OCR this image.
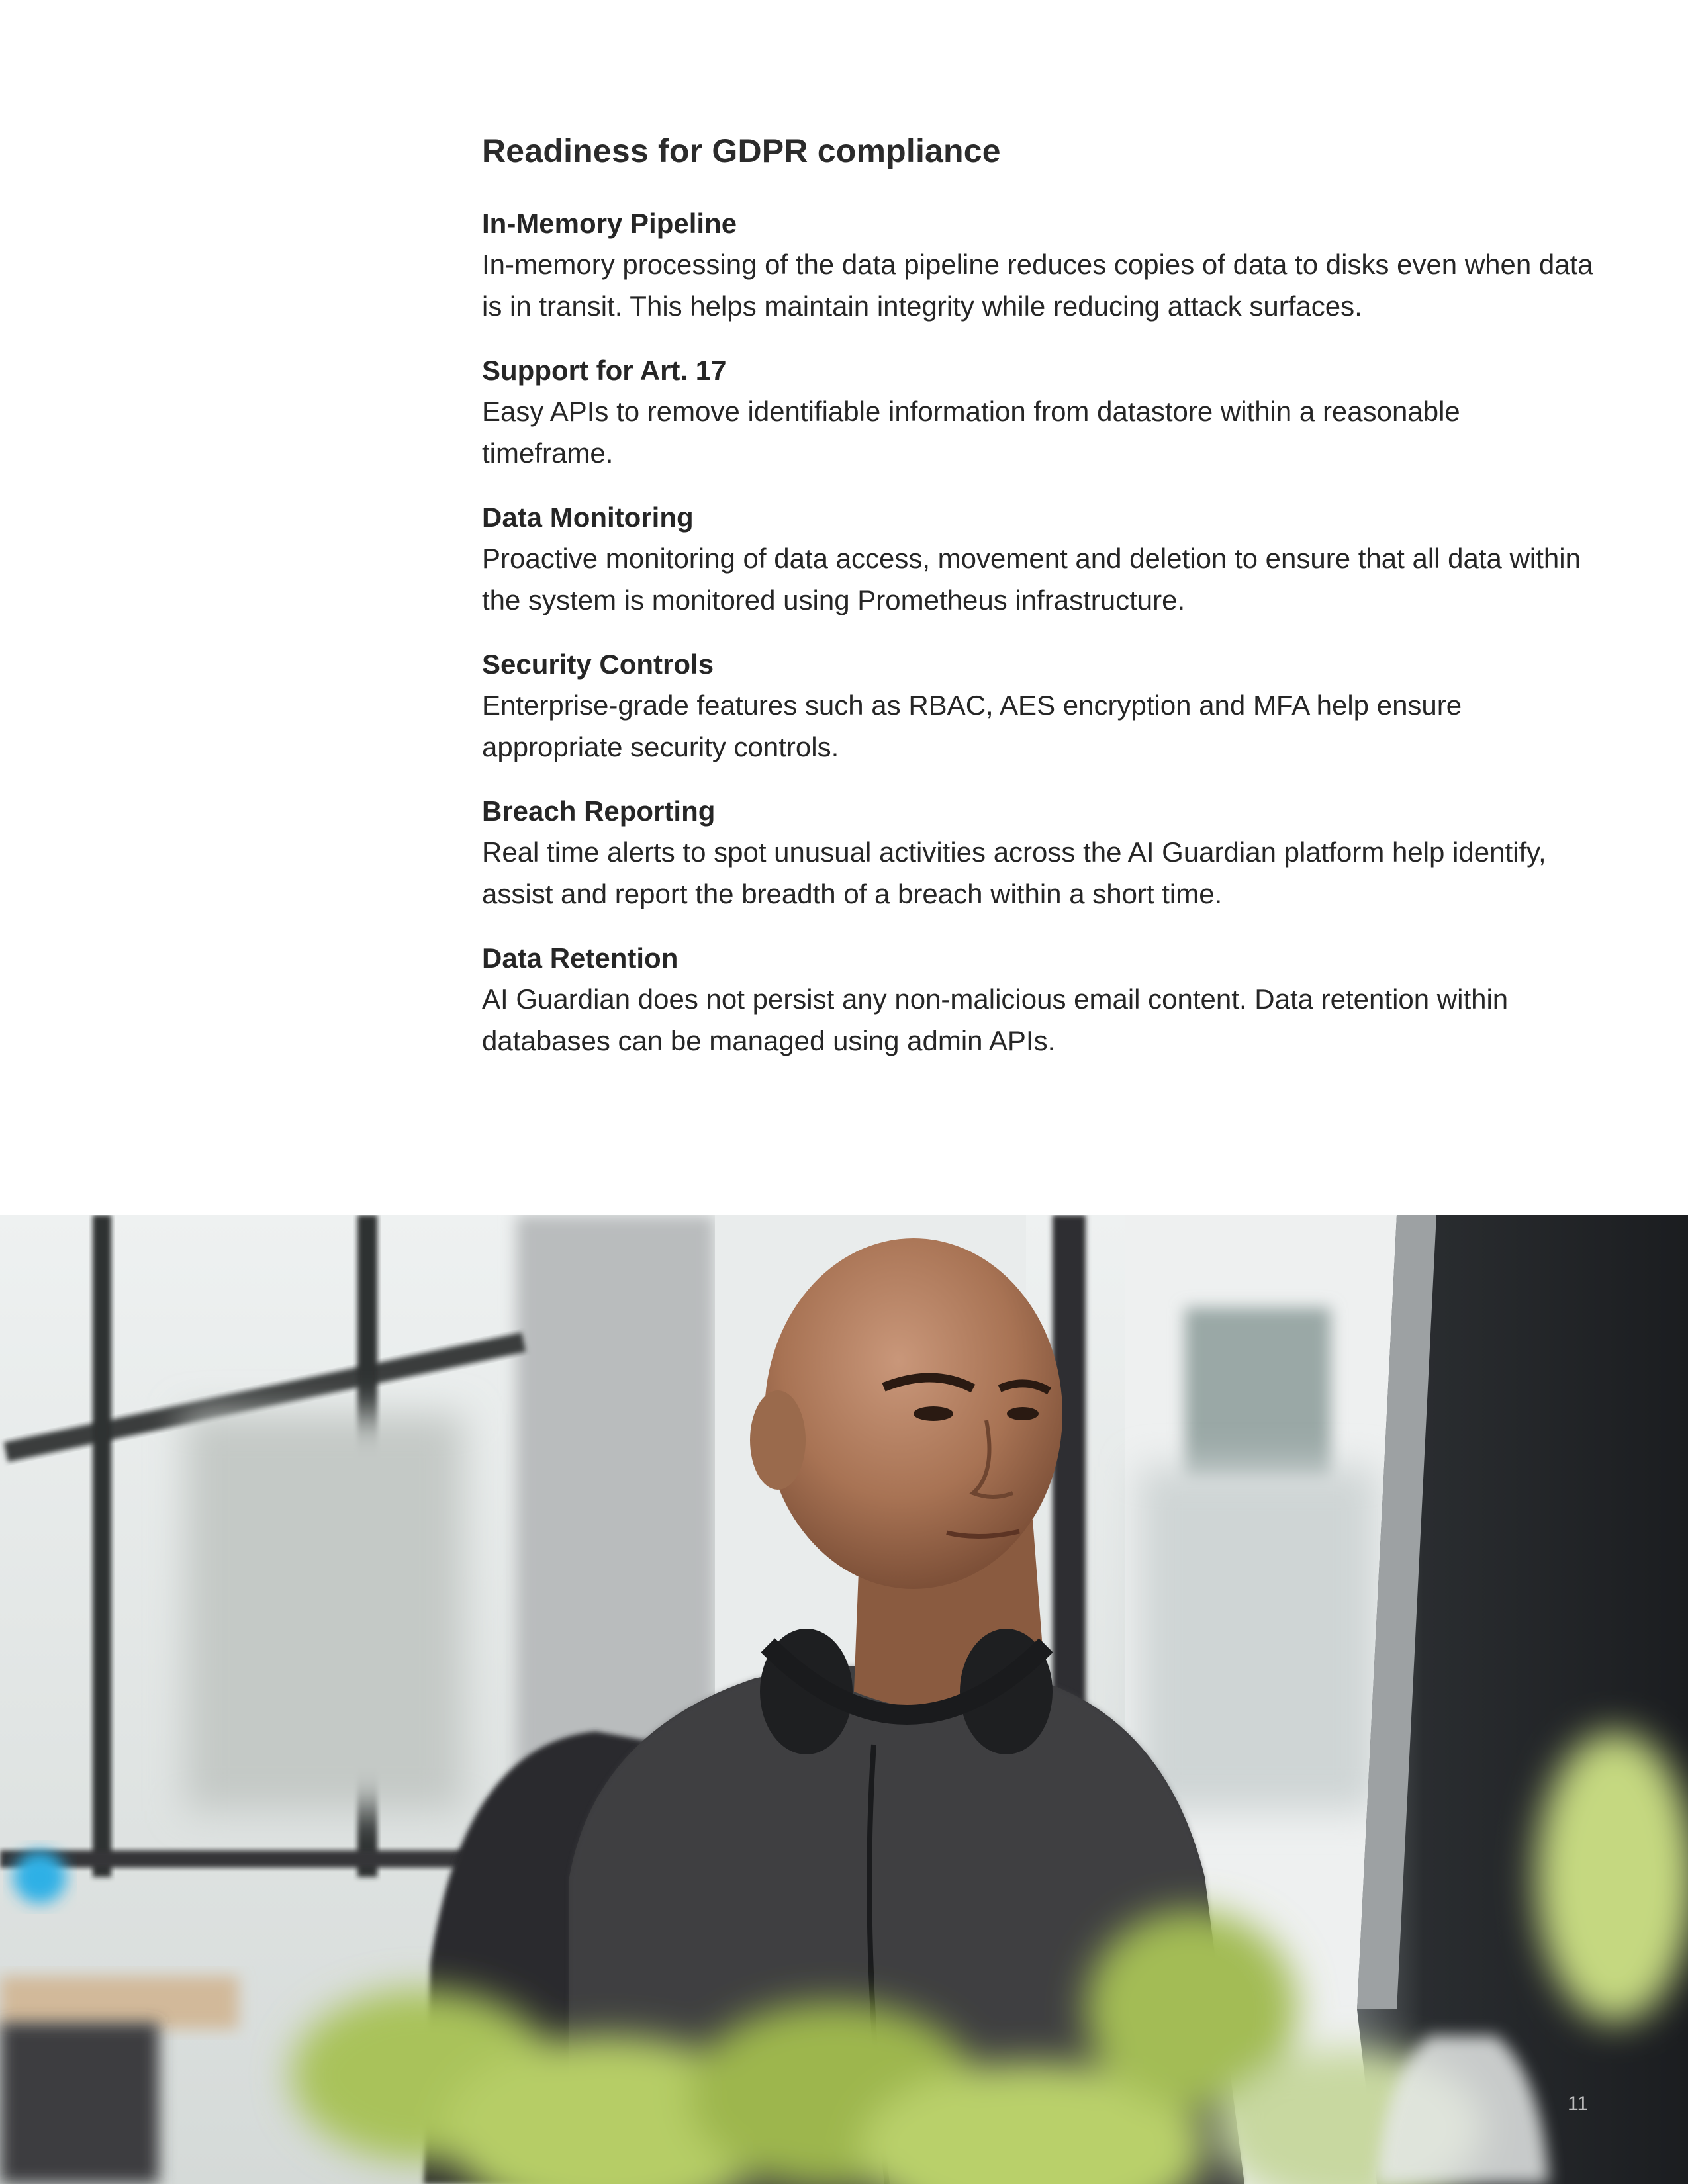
Readiness for GDPR compliance

In-Memory Pipeline

In-memory processing of the data pipeline reduces copies of data to disks even when data is in transit. This helps maintain integrity while reducing attack surfaces.

Support for Art. 17

Easy APIs to remove identifiable information from datastore within a reasonable timeframe.

Data Monitoring

Proactive monitoring of data access, movement and deletion to ensure that all data within the system is monitored using Prometheus infrastructure.

Security Controls

Enterprise-grade features such as RBAC, AES encryption and MFA help ensure appropriate security controls.

Breach Reporting

Real time alerts to spot unusual activities across the AI Guardian platform help identify, assist and report the breadth of a breach within a short time.

Data Retention

AI Guardian does not persist any non-malicious email content. Data retention within databases can be managed using admin APIs.

11
